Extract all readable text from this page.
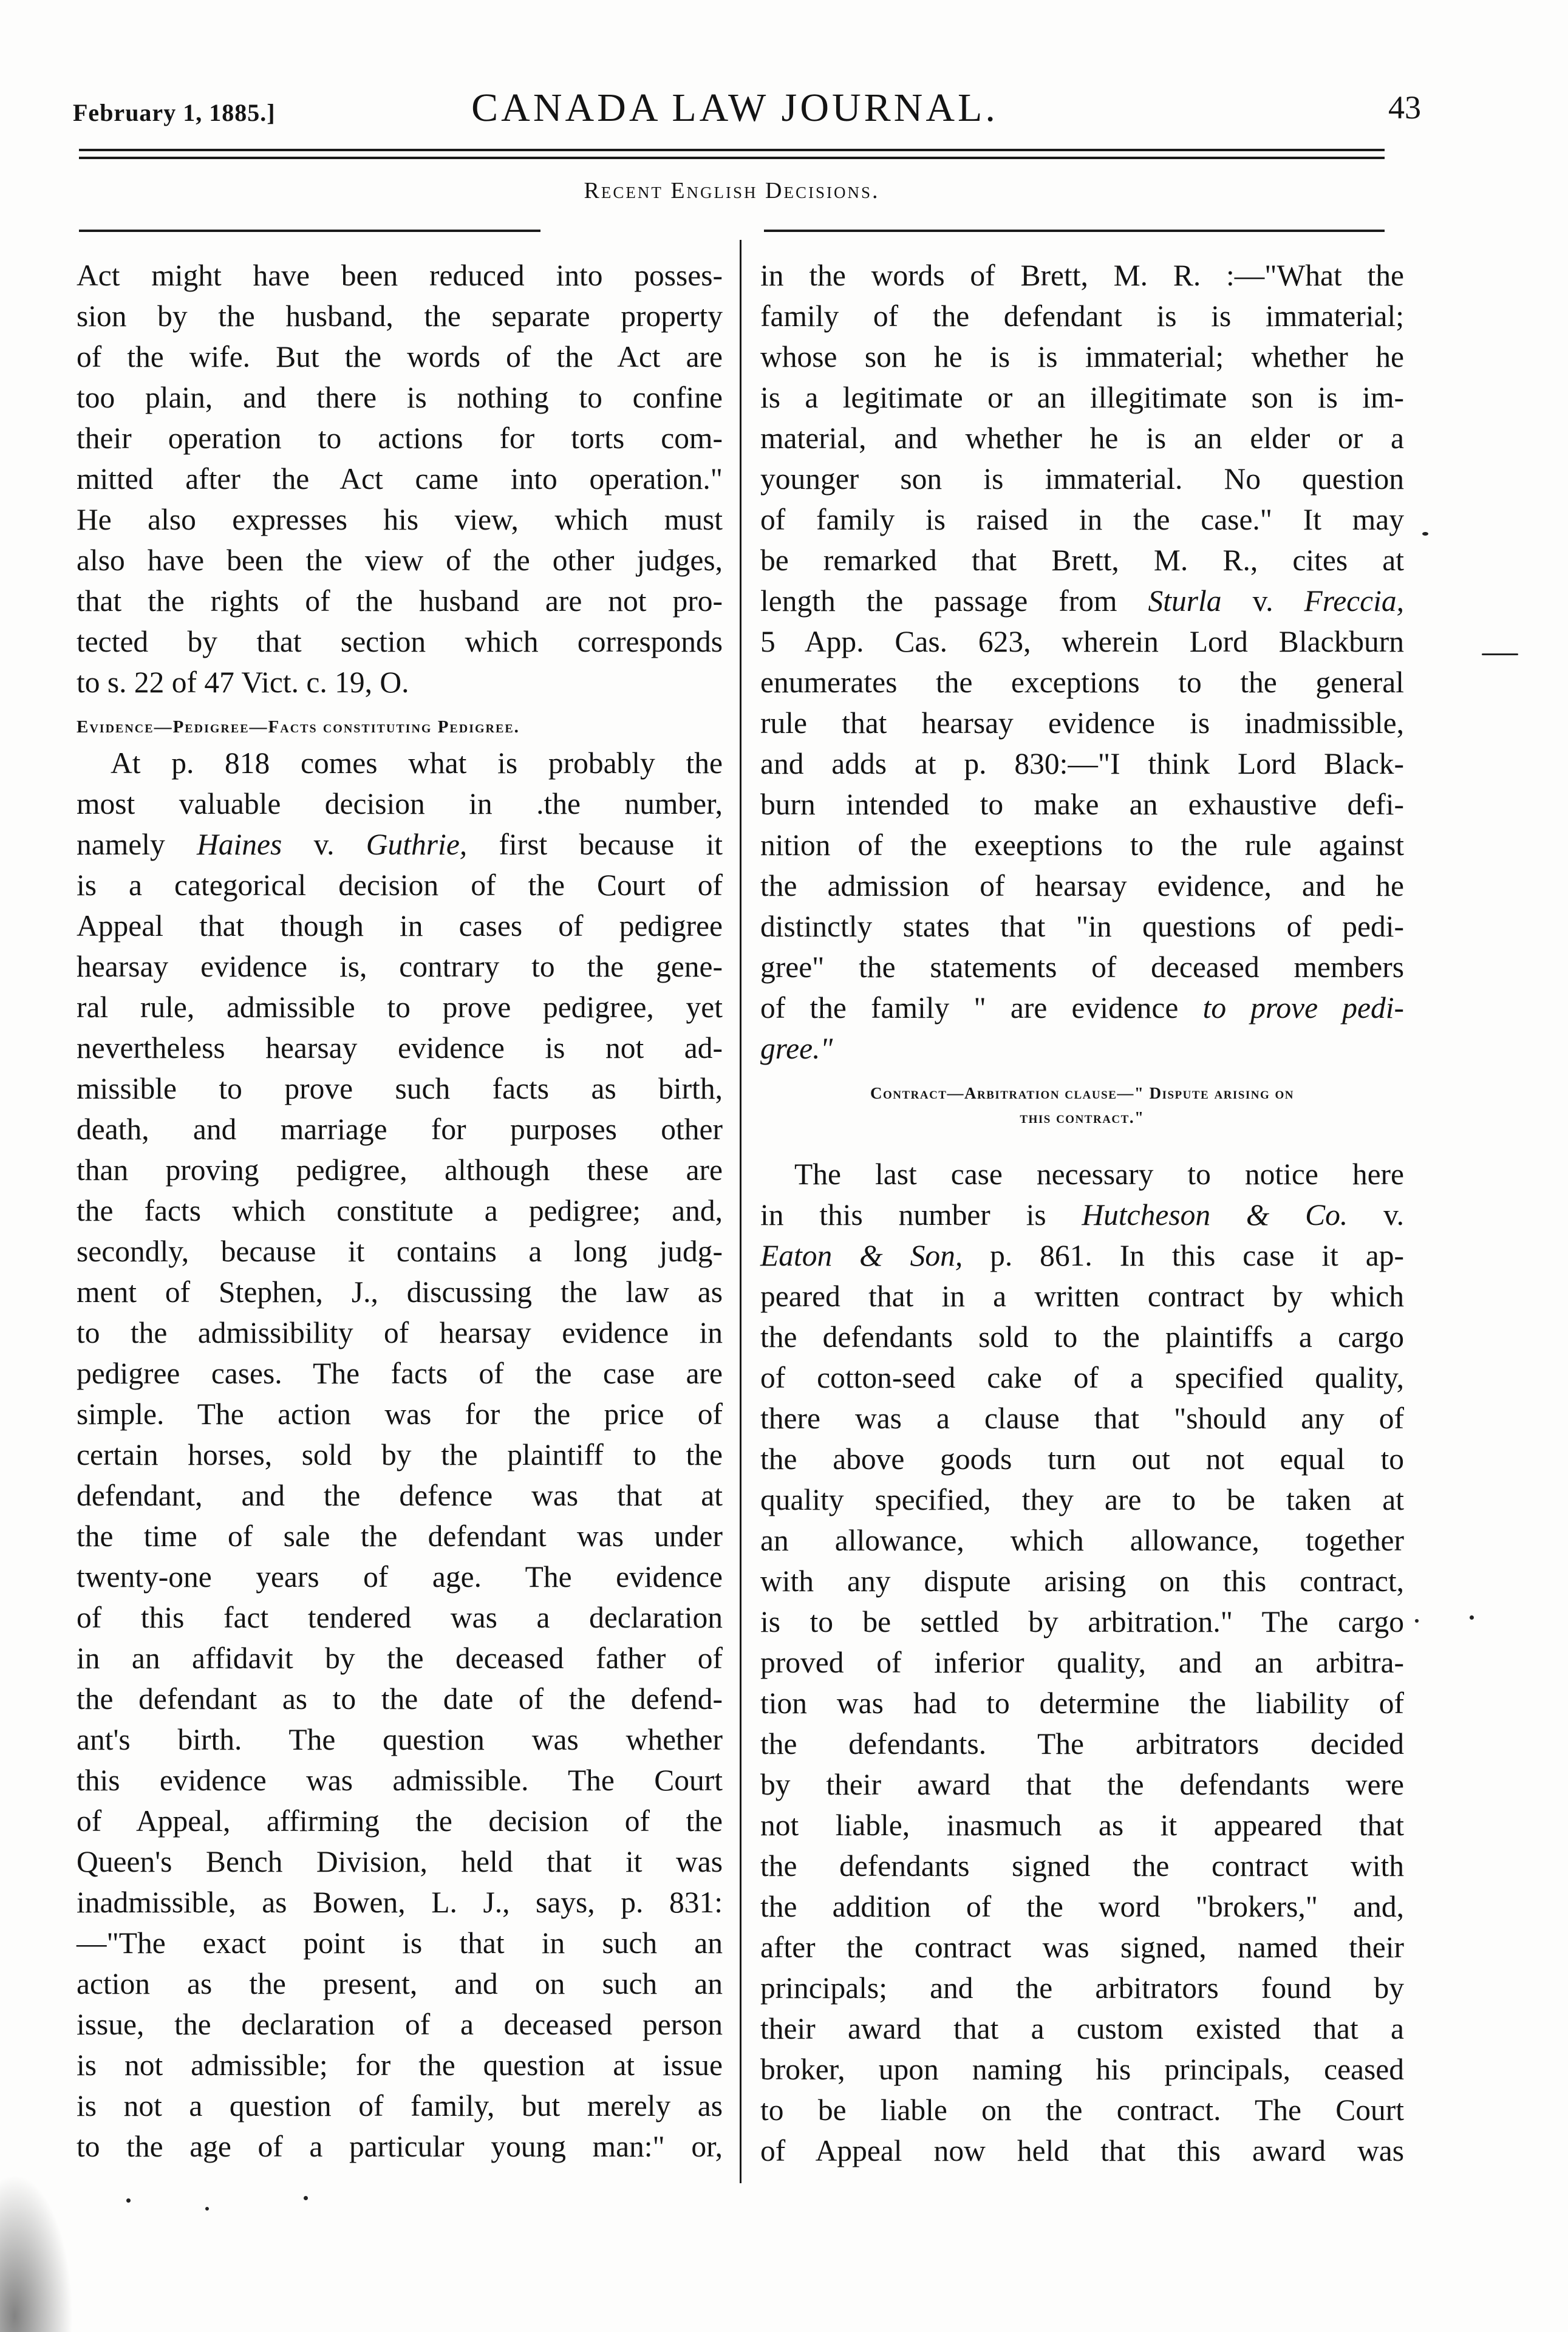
February 1, 1885.]	CANADA LAW JOURNAL.	43
Recent English Decisions.
Act might have been reduced into posses-
sion by the husband, the separate property
of the wife. But the words of the Act are
too plain, and there is nothing to confine
their operation to actions for torts com-
mitted after the Act came into operation."
He also expresses his view, which must
also have been the view of the other judges,
that the rights of the husband are not pro-
tected by that section which corresponds
to s. 22 of 47 Vict. c. 19, O.
Evidence—Pedigree—Facts constituting Pedigree.
At p. 818 comes what is probably the
most valuable decision in .the number,
namely Haines v. Guthrie, first because it
is a categorical decision of the Court of
Appeal that though in cases of pedigree
hearsay evidence is, contrary to the gene-
ral rule, admissible to prove pedigree, yet
nevertheless hearsay evidence is not ad-
missible to prove such facts as birth,
death, and marriage for purposes other
than proving pedigree, although these are
the facts which constitute a pedigree; and,
secondly, because it contains a long judg-
ment of Stephen, J., discussing the law as
to the admissibility of hearsay evidence in
pedigree cases. The facts of the case are
simple. The action was for the price of
certain horses, sold by the plaintiff to the
defendant, and the defence was that at
the time of sale the defendant was under
twenty-one years of age. The evidence
of this fact tendered was a declaration
in an affidavit by the deceased father of
the defendant as to the date of the defend-
ant's birth. The question was whether
this evidence was admissible. The Court
of Appeal, affirming the decision of the
Queen's Bench Division, held that it was
inadmissible, as Bowen, L. J., says, p. 831:
—"The exact point is that in such an
action as the present, and on such an
issue, the declaration of a deceased person
is not admissible; for the question at issue
is not a question of family, but merely as
to the age of a particular young man:" or,
in the words of Brett, M. R. :—"What the
family of the defendant is is immaterial;
whose son he is is immaterial; whether he
is a legitimate or an illegitimate son is im-
material, and whether he is an elder or a
younger son is immaterial. No question
of family is raised in the case." It may
be remarked that Brett, M. R., cites at
length the passage from Sturla v. Freccia,
5 App. Cas. 623, wherein Lord Blackburn
enumerates the exceptions to the general
rule that hearsay evidence is inadmissible,
and adds at p. 830:—"I think Lord Black-
burn intended to make an exhaustive defi-
nition of the exeeptions to the rule against
the admission of hearsay evidence, and he
distinctly states that "in questions of pedi-
gree" the statements of deceased members
of the family " are evidence to prove pedi-
gree."
Contract—Arbitration clause—" Dispute arising on
this contract."
The last case necessary to notice here
in this number is Hutcheson & Co. v.
Eaton & Son, p. 861. In this case it ap-
peared that in a written contract by which
the defendants sold to the plaintiffs a cargo
of cotton-seed cake of a specified quality,
there was a clause that "should any of
the above goods turn out not equal to
quality specified, they are to be taken at
an allowance, which allowance, together
with any dispute arising on this contract,
is to be settled by arbitration." The cargo
proved of inferior quality, and an arbitra-
tion was had to determine the liability of
the defendants. The arbitrators decided
by their award that the defendants were
not liable, inasmuch as it appeared that
the defendants signed the contract with
the addition of the word "brokers," and,
after the contract was signed, named their
principals; and the arbitrators found by
their award that a custom existed that a
broker, upon naming his principals, ceased
to be liable on the contract. The Court
of Appeal now held that this award was
